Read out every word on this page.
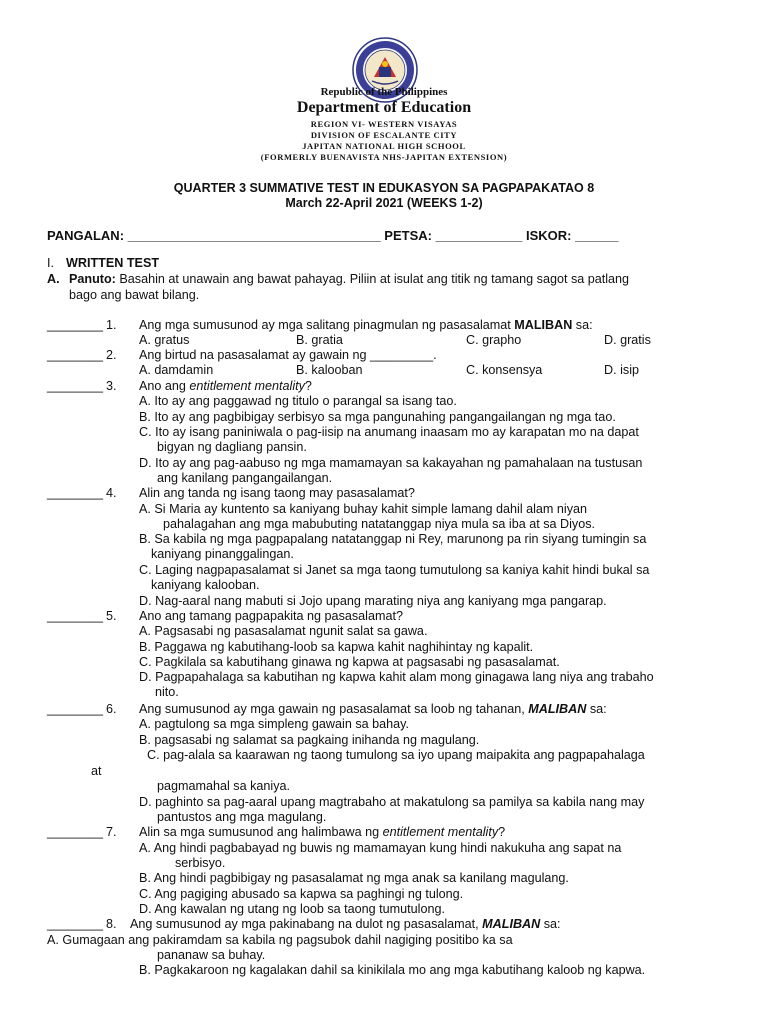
Republic of the Philippines
Department of Education
REGION VI- WESTERN VISAYAS
DIVISION OF ESCALANTE CITY
JAPITAN NATIONAL HIGH SCHOOL
(FORMERLY BUENAVISTA NHS-JAPITAN EXTENSION)
QUARTER 3 SUMMATIVE TEST IN EDUKASYON SA PAGPAPAKATAO 8
March 22-April 2021 (WEEKS 1-2)
PANGALAN: ___________________________________ PETSA: ____________ ISKOR: ______
I. WRITTEN TEST
A. Panuto: Basahin at unawain ang bawat pahayag. Piliin at isulat ang titik ng tamang sagot sa patlang
bago ang bawat bilang.
________ 1. Ang mga sumusunod ay mga salitang pinagmulan ng pasasalamat MALIBAN sa:
A. gratus	B. gratia	C. grapho	D. gratis
________ 2. Ang birtud na pasasalamat ay gawain ng _________.
A. damdamin	B. kalooban	C. konsensya	D. isip
________ 3. Ano ang entitlement mentality?
A. Ito ay ang paggawad ng titulo o parangal sa isang tao.
B. Ito ay ang pagbibigay serbisyo sa mga pangunahing pangangailangan ng mga tao.
C. Ito ay isang paniniwala o pag-iisip na anumang inaasam mo ay karapatan mo na dapat
bigyan ng dagliang pansin.
D. Ito ay ang pag-aabuso ng mga mamamayan sa kakayahan ng pamahalaan na tustusan
ang kanilang pangangailangan.
________ 4. Alin ang tanda ng isang taong may pasasalamat?
A. Si Maria ay kuntento sa kaniyang buhay kahit simple lamang dahil alam niyan
pahalagahan ang mga mabubuting natatanggap niya mula sa iba at sa Diyos.
B. Sa kabila ng mga pagpapalang natatanggap ni Rey, marunong pa rin siyang tumingin sa
kaniyang pinanggalingan.
C. Laging nagpapasalamat si Janet sa mga taong tumutulong sa kaniya kahit hindi bukal sa
kaniyang kalooban.
D. Nag-aaral nang mabuti si Jojo upang marating niya ang kaniyang mga pangarap.
________ 5. Ano ang tamang pagpapakita ng pasasalamat?
A. Pagsasabi ng pasasalamat ngunit salat sa gawa.
B. Paggawa ng kabutihang-loob sa kapwa kahit naghihintay ng kapalit.
C. Pagkilala sa kabutihang ginawa ng kapwa at pagsasabi ng pasasalamat.
D. Pagpapahalaga sa kabutihan ng kapwa kahit alam mong ginagawa lang niya ang trabaho
nito.
________ 6. Ang sumusunod ay mga gawain ng pasasalamat sa loob ng tahanan, MALIBAN sa:
A. pagtulong sa mga simpleng gawain sa bahay.
B. pagsasabi ng salamat sa pagkaing inihanda ng magulang.
C. pag-alala sa kaarawan ng taong tumulong sa iyo upang maipakita ang pagpapahalaga
at
pagmamahal sa kaniya.
D. paghinto sa pag-aaral upang magtrabaho at makatulong sa pamilya sa kabila nang may
pantustos ang mga magulang.
________ 7. Alin sa mga sumusunod ang halimbawa ng entitlement mentality?
A. Ang hindi pagbabayad ng buwis ng mamamayan kung hindi nakukuha ang sapat na
serbisyo.
B. Ang hindi pagbibigay ng pasasalamat ng mga anak sa kanilang magulang.
C. Ang pagiging abusado sa kapwa sa paghingi ng tulong.
D. Ang kawalan ng utang ng loob sa taong tumutulong.
________ 8. Ang sumusunod ay mga pakinabang na dulot ng pasasalamat, MALIBAN sa:
A. Gumagaan ang pakiramdam sa kabila ng pagsubok dahil nagiging positibo ka sa
pananaw sa buhay.
B. Pagkakaroon ng kagalakan dahil sa kinikilala mo ang mga kabutihang kaloob ng kapwa.
